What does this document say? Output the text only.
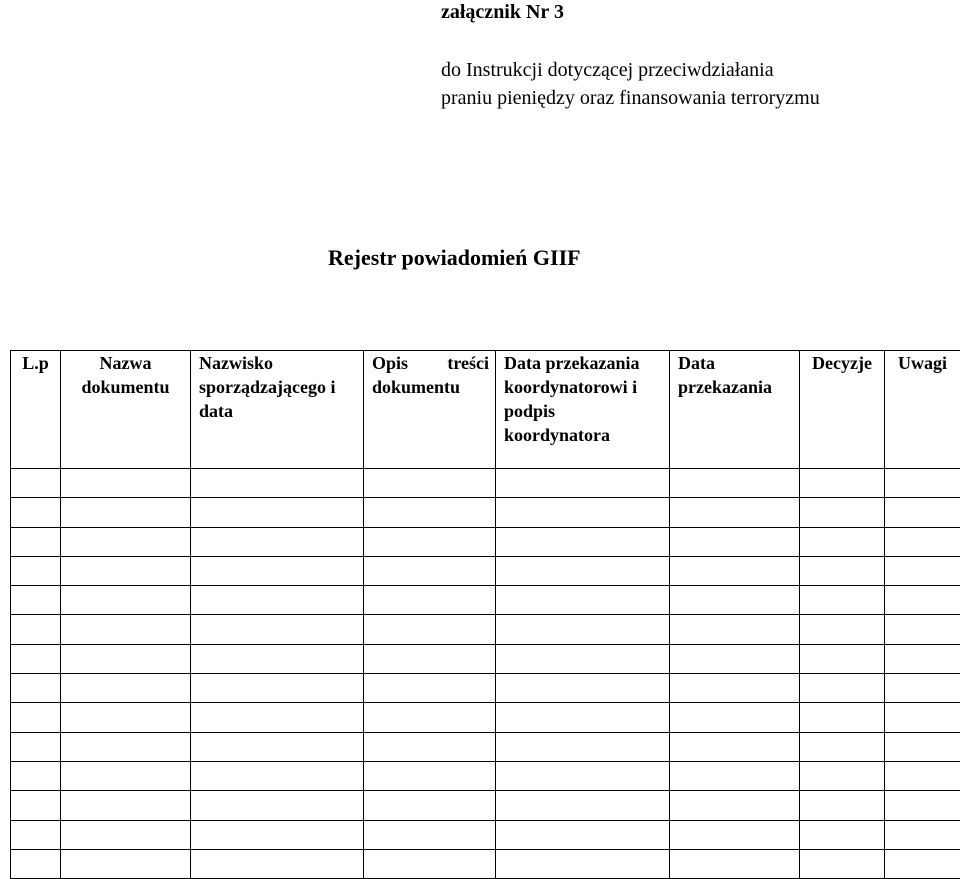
załącznik Nr 3
do Instrukcji dotyczącej przeciwdziałania
praniu pieniędzy oraz finansowania terroryzmu
Rejestr powiadomień GIIF
L.p	Nazwa dokumentu	Nazwisko sporządzającego i data	Opis treści dokumentu	Data przekazania koordynatorowi i podpis koordynatora	Data przekazania	Decyzje	Uwagi
